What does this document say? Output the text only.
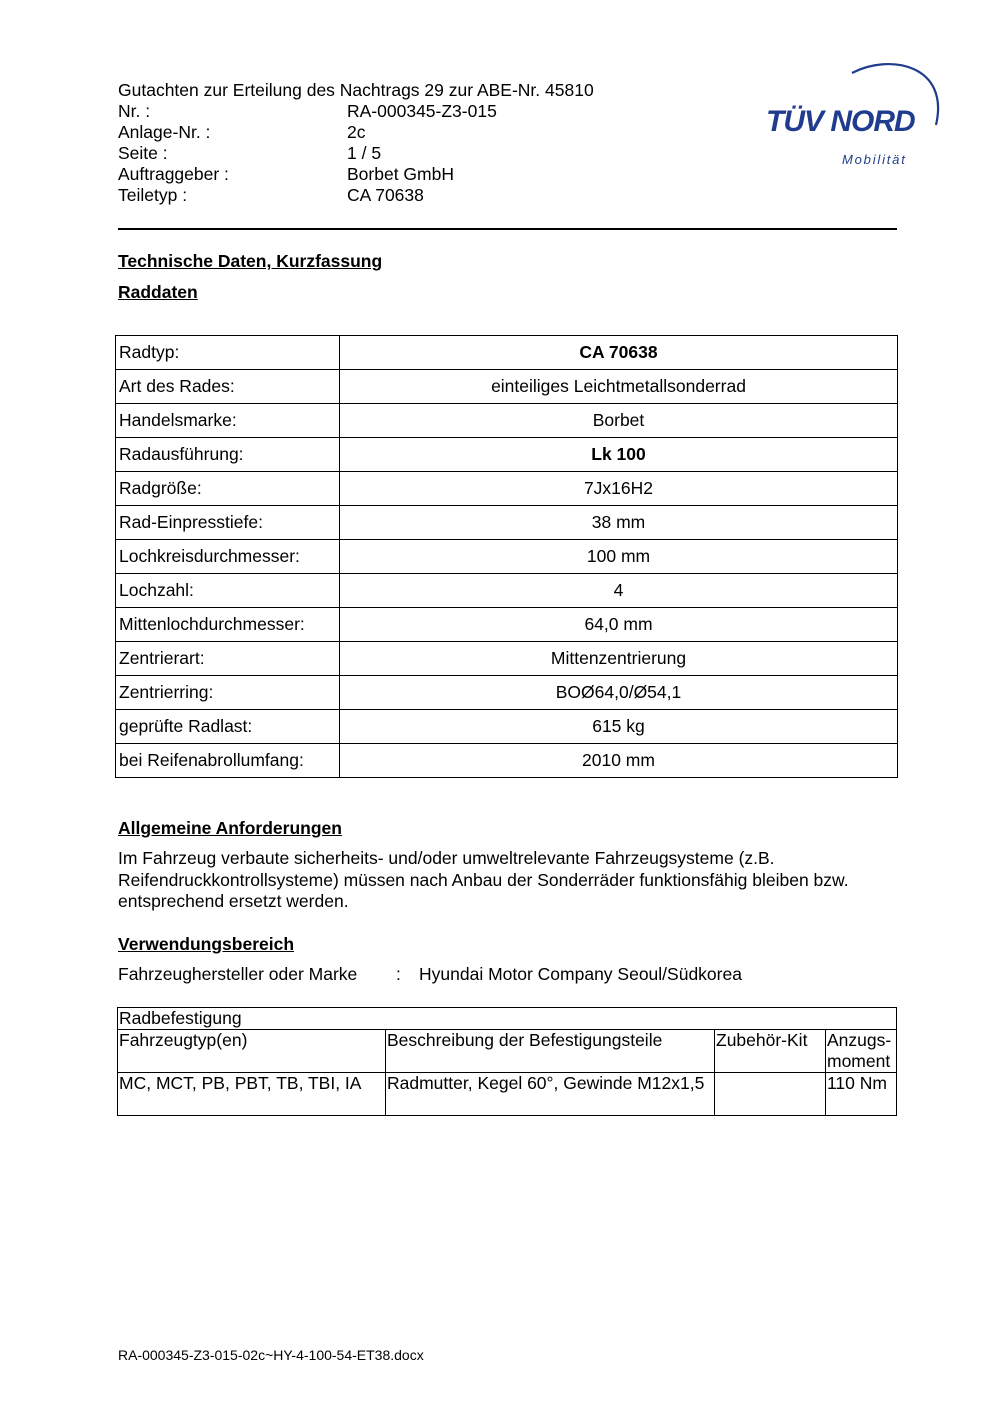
Gutachten zur Erteilung des Nachtrags 29 zur ABE-Nr. 45810
Nr. :	RA-000345-Z3-015
Anlage-Nr. :	2c
Seite :	1 / 5
Auftraggeber :	Borbet GmbH
Teiletyp :	CA 70638
TÜV NORD
Mobilität
Technische Daten, Kurzfassung
Raddaten
Radtyp:	CA 70638
Art des Rades:	einteiliges Leichtmetallsonderrad
Handelsmarke:	Borbet
Radausführung:	Lk 100
Radgröße:	7Jx16H2
Rad-Einpresstiefe:	38 mm
Lochkreisdurchmesser:	100 mm
Lochzahl:	4
Mittenlochdurchmesser:	64,0 mm
Zentrierart:	Mittenzentrierung
Zentrierring:	BOØ64,0/Ø54,1
geprüfte Radlast:	615 kg
bei Reifenabrollumfang:	2010 mm
Allgemeine Anforderungen
Im Fahrzeug verbaute sicherheits- und/oder umweltrelevante Fahrzeugsysteme (z.B. Reifendruckkontrollsysteme) müssen nach Anbau der Sonderräder funktionsfähig bleiben bzw. entsprechend ersetzt werden.
Verwendungsbereich
Fahrzeughersteller oder Marke : Hyundai Motor Company Seoul/Südkorea
Radbefestigung			
Fahrzeugtyp(en)	Beschreibung der Befestigungsteile	Zubehör-Kit	Anzugs-
moment
MC, MCT, PB, PBT, TB, TBI, IA	Radmutter, Kegel 60°, Gewinde M12x1,5		110 Nm
RA-000345-Z3-015-02c~HY-4-100-54-ET38.docx
